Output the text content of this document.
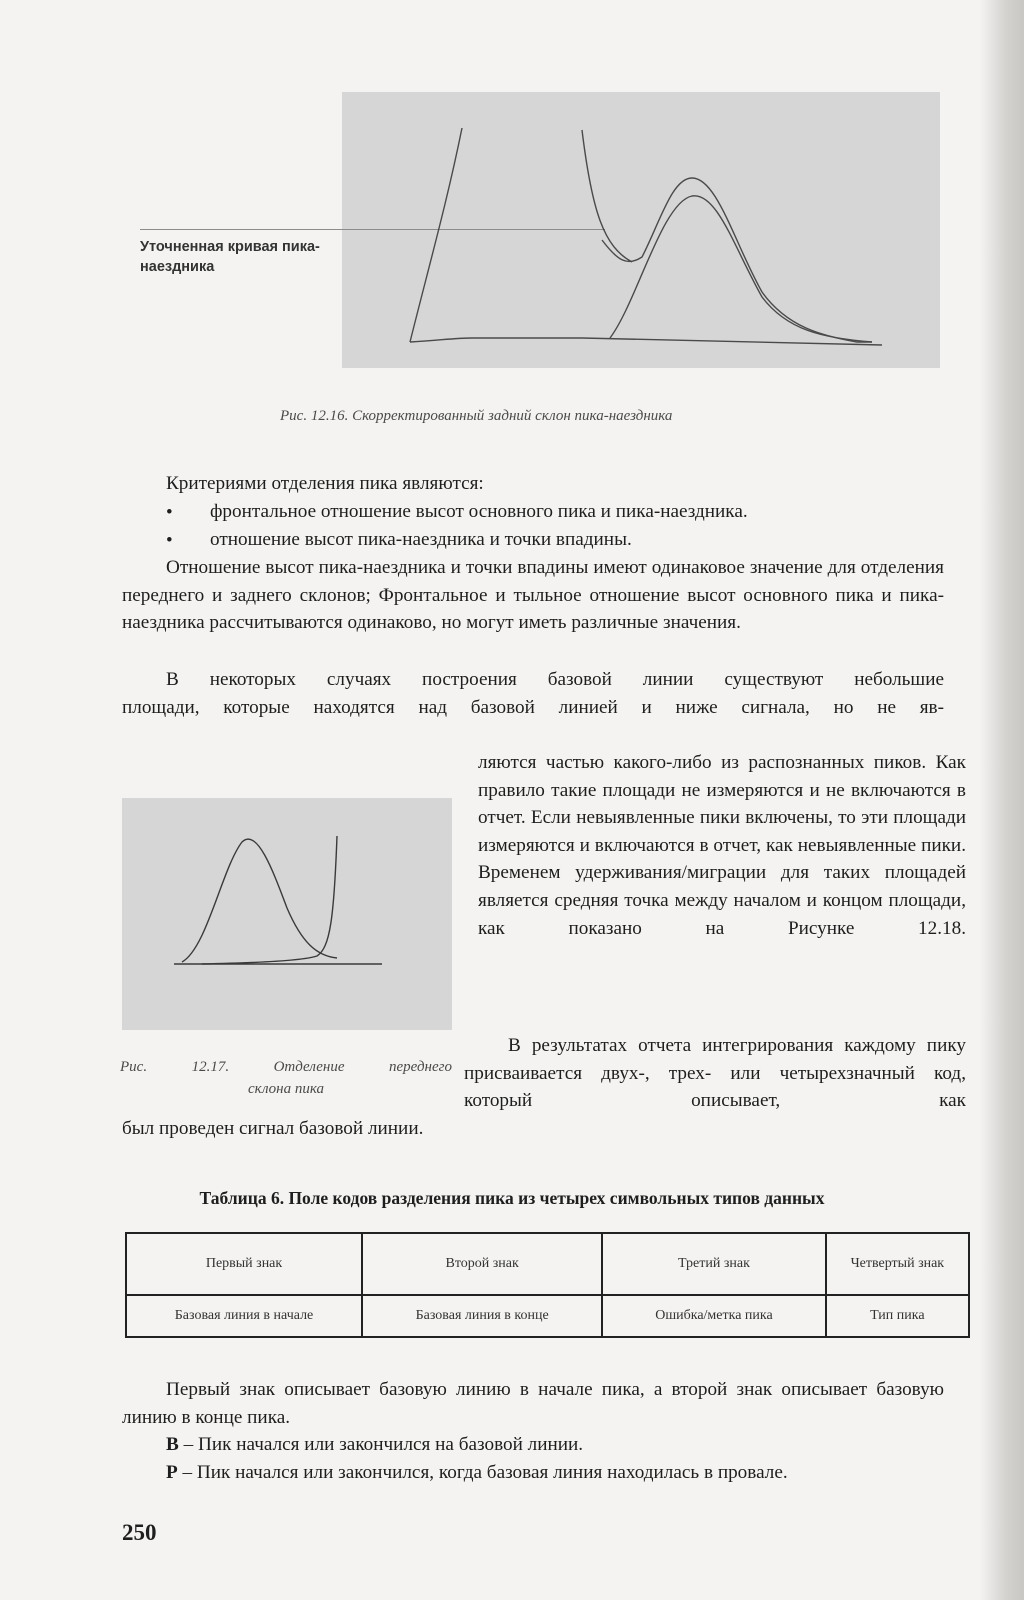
Уточненная кривая пика-наездника

Рис. 12.16. Скорректированный задний склон пика-наездника

Критериями отделения пика являются:

• фронтальное отношение высот основного пика и пика-наездника.

• отношение высот пика-наездника и точки впадины.

Отношение высот пика-наездника и точки впадины имеют одинаковое значение для отделения переднего и заднего склонов; Фронтальное и тыльное отношение высот основного пика и пика-наездника рассчитываются одинаково, но могут иметь различные значения.

В некоторых случаях построения базовой линии существуют небольшие

площади, которые находятся над базовой линией и ниже сигнала, но не яв-

Рис. 12.17. Отделение переднего
склона пика

ляются частью какого-либо из распознанных пиков. Как правило такие площади не измеряются и не включаются в отчет. Если невыявленные пики включены, то эти площади измеряются и включаются в отчет, как невыявленные пики. Временем удерживания/миграции для таких площадей является средняя точка между началом и концом площади, как показано на Рисунке 12.18.

В результатах отчета интегрирования каждому пику присваивается двух-, трех- или четырехзначный код, который описывает, как

был проведен сигнал базовой линии.

Таблица 6. Поле кодов разделения пика из четырех символьных типов данных

Первый знак	Второй знак	Третий знак	Четвертый знак
Базовая линия в начале	Базовая линия в конце	Ошибка/метка пика	Тип пика

Первый знак описывает базовую линию в начале пика, а второй знак описывает базовую линию в конце пика.

B – Пик начался или закончился на базовой линии.

P – Пик начался или закончился, когда базовая линия находилась в провале.

250
